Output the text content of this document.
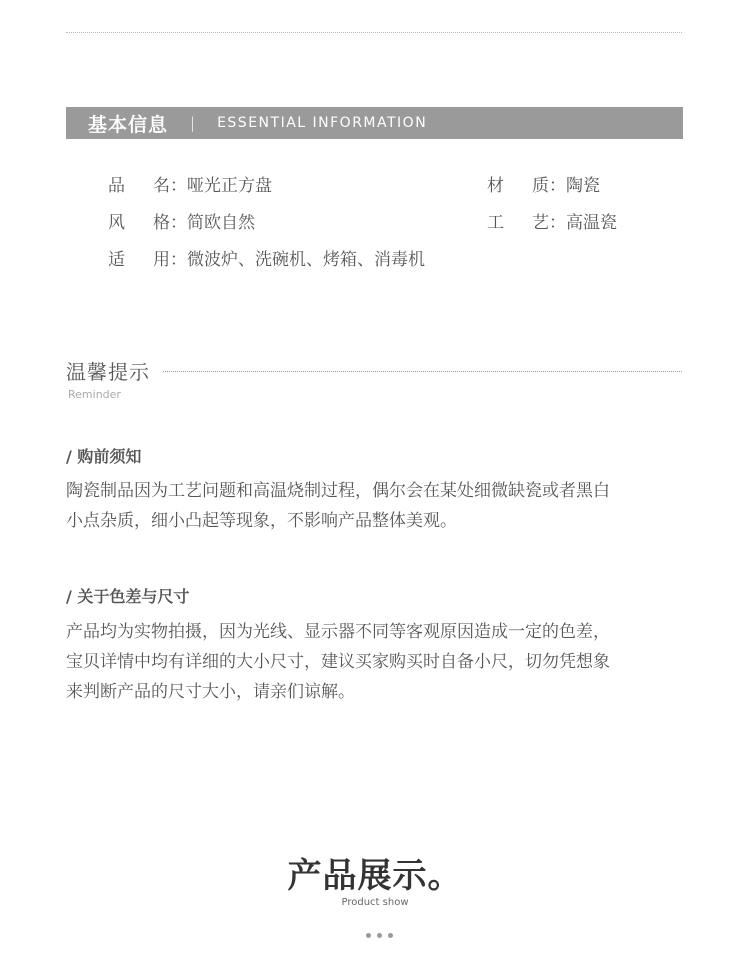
基本信息 | ESSENTIAL INFORMATION
品名 ： 哑光正方盘	材质 ： 陶瓷
风格 ： 简欧自然	工艺 ： 高温瓷
适用 ： 微波炉、洗碗机、烤箱、消毒机
温馨提示
Reminder
/ 购前须知
陶瓷制品因为工艺问题和高温烧制过程，偶尔会在某处细微缺瓷或者黑白
小点杂质，细小凸起等现象，不影响产品整体美观。
/ 关于色差与尺寸
产品均为实物拍摄，因为光线、显示器不同等客观原因造成一定的色差，
宝贝详情中均有详细的大小尺寸，建议买家购买时自备小尺，切勿凭想象
来判断产品的尺寸大小，请亲们谅解。
产品展示。
Product show
